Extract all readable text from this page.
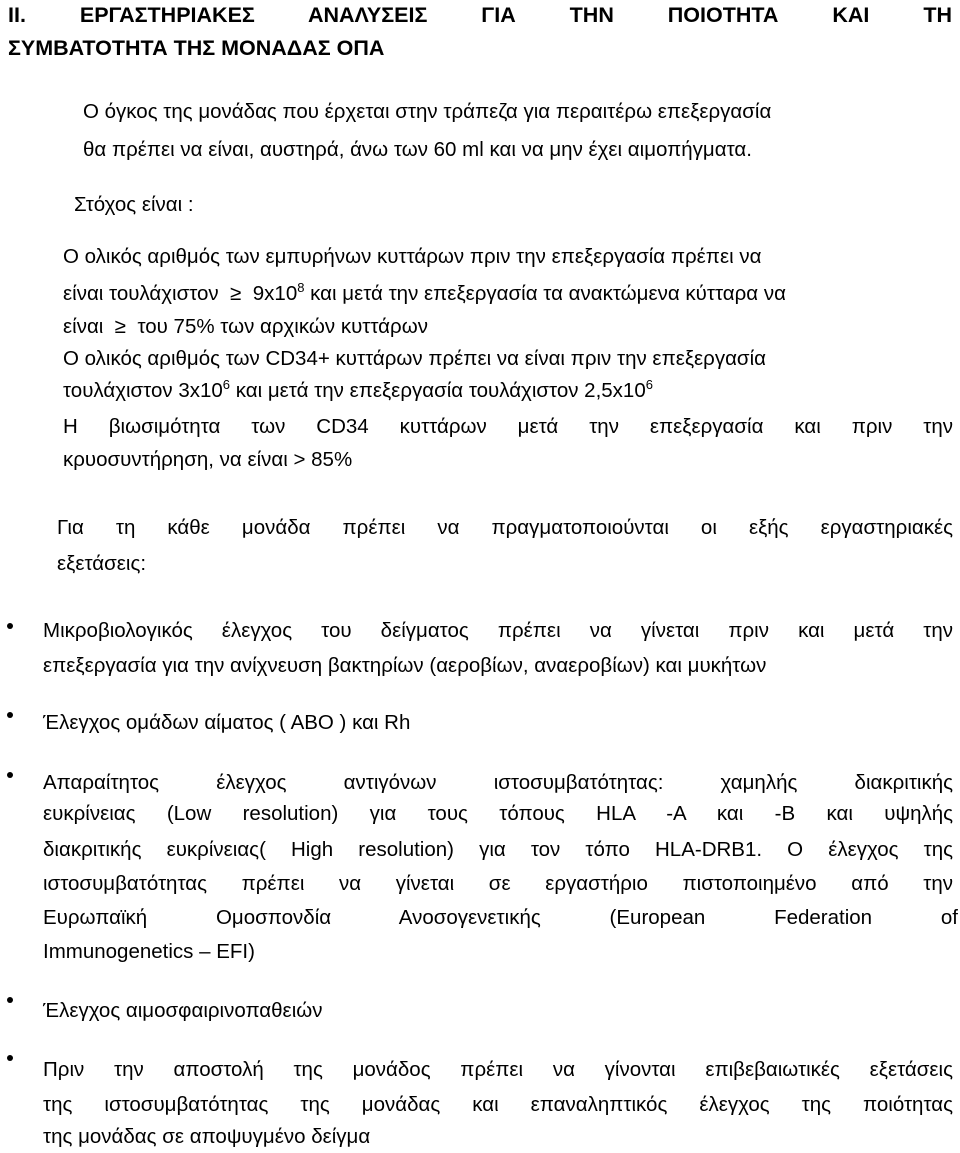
II. ΕΡΓΑΣΤΗΡΙΑΚΕΣ ΑΝΑΛΥΣΕΙΣ ΓΙΑ ΤΗΝ ΠΟΙΟΤΗΤΑ ΚΑΙ ΤΗ
ΣΥΜΒΑΤΟΤΗΤΑ ΤΗΣ ΜΟΝΑΔΑΣ ΟΠΑ
Ο όγκος της μονάδας που έρχεται στην τράπεζα για περαιτέρω επεξεργασία
θα πρέπει να είναι, αυστηρά, άνω των 60 ml και να μην έχει αιμοπήγματα.
Στόχος είναι :
Ο ολικός αριθμός των εμπυρήνων κυττάρων πριν την επεξεργασία πρέπει να
είναι $\tau o\upsilon\lambda ά\chi\iota\sigma\tau o\nu \ge 9x10^8$ και μετά την επεξεργασία τα ανακτώμενα κύτταρα να
είναι ≥ του 75% των αρχικών κυττάρων
Ο ολικός αριθμός των CD34+ κυττάρων πρέπει να είναι πριν την επεξεργασία
τουλάχιστον $3x10^6$ και μετά την επεξεργασία τουλάχιστον $2,5x10^6$
Η βιωσιμότητα των CD34 κυττάρων μετά την επεξεργασία και πριν την
κρυοσυντήρηση, να είναι > 85%
Για τη κάθε μονάδα πρέπει να πραγματοποιούνται οι εξής εργαστηριακές
εξετάσεις:
Μικροβιολογικός έλεγχος του δείγματος πρέπει να γίνεται πριν και μετά την
επεξεργασία για την ανίχνευση βακτηρίων (αεροβίων, αναεροβίων) και μυκήτων
Έλεγχος ομάδων αίματος ( ΑΒΟ ) και Rh
Απαραίτητος έλεγχος αντιγόνων ιστοσυμβατότητας: χαμηλής διακριτικής
ευκρίνειας (Low resolution) για τους τόπους HLA -A και -B και υψηλής
διακριτικής ευκρίνειας( High resolution) για τον τόπο HLA-DRB1. Ο έλεγχος της
ιστοσυμβατότητας πρέπει να γίνεται σε εργαστήριο πιστοποιημένο από την
Ευρωπαϊκή Ομοσπονδία Ανοσογενετικής (European Federation of
Immunogenetics – EFI)
Έλεγχος αιμοσφαιρινοπαθειών
Πριν την αποστολή της μονάδος πρέπει να γίνονται επιβεβαιωτικές εξετάσεις
της ιστοσυμβατότητας της μονάδας και επαναληπτικός έλεγχος της ποιότητας
της μονάδας σε αποψυγμένο δείγμα
